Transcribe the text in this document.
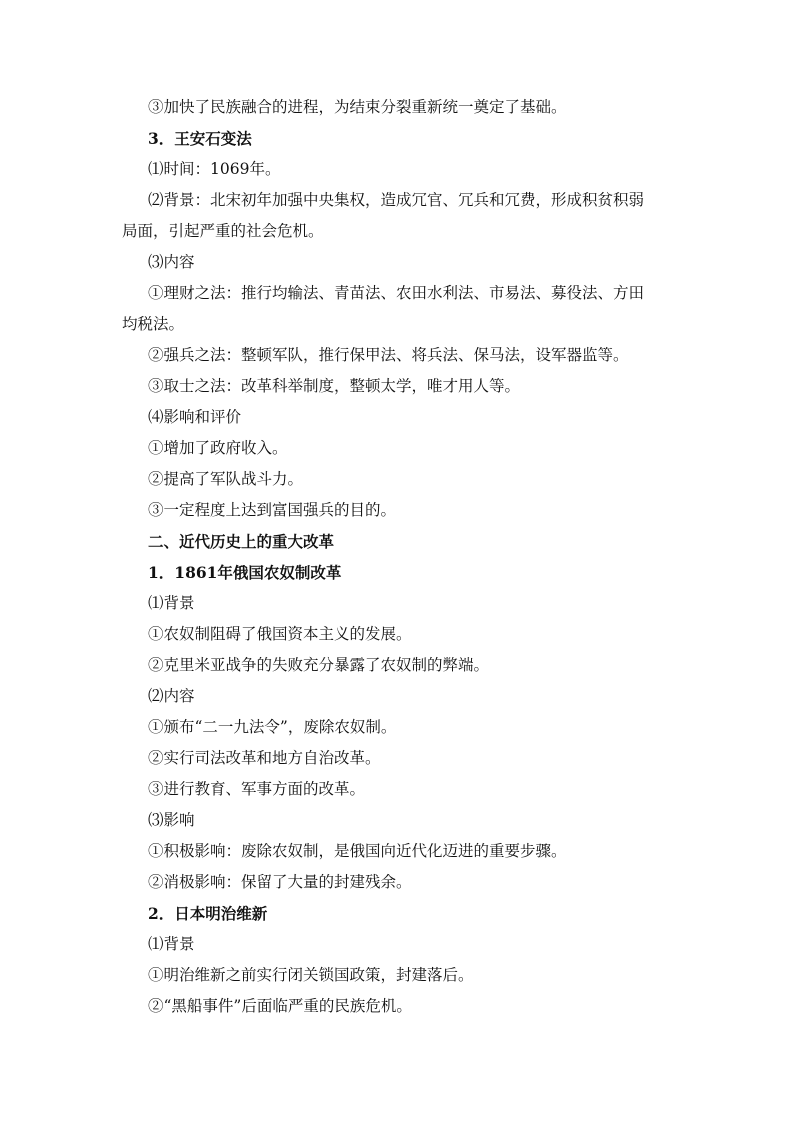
③加快了民族融合的进程，为结束分裂重新统一奠定了基础。
3．王安石变法
⑴时间：1069年。
⑵背景：北宋初年加强中央集权，造成冗官、冗兵和冗费，形成积贫积弱
局面，引起严重的社会危机。
⑶内容
①理财之法：推行均输法、青苗法、农田水利法、市易法、募役法、方田
均税法。
②强兵之法：整顿军队，推行保甲法、将兵法、保马法，设军器监等。
③取士之法：改革科举制度，整顿太学，唯才用人等。
⑷影响和评价
①增加了政府收入。
②提高了军队战斗力。
③一定程度上达到富国强兵的目的。
二、近代历史上的重大改革
1．1861年俄国农奴制改革
⑴背景
①农奴制阻碍了俄国资本主义的发展。
②克里米亚战争的失败充分暴露了农奴制的弊端。
⑵内容
①颁布“二一九法令”，废除农奴制。
②实行司法改革和地方自治改革。
③进行教育、军事方面的改革。
⑶影响
①积极影响：废除农奴制，是俄国向近代化迈进的重要步骤。
②消极影响：保留了大量的封建残余。
2．日本明治维新
⑴背景
①明治维新之前实行闭关锁国政策，封建落后。
②“黑船事件”后面临严重的民族危机。
